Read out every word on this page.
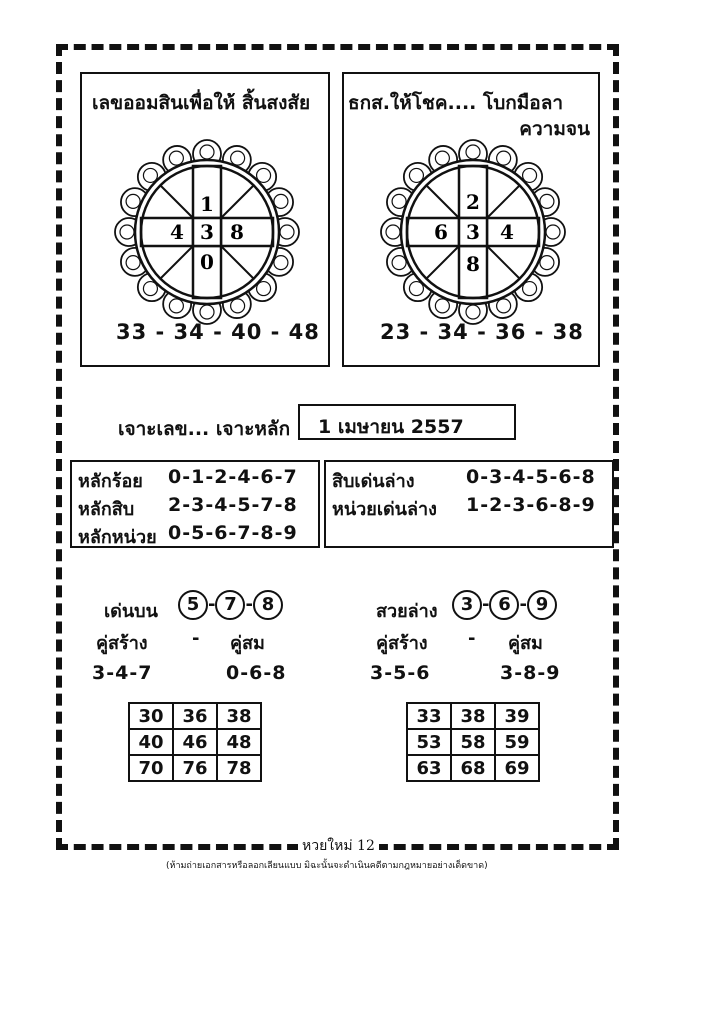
เลขออมสินเพื่อให้ สิ้นสงสัย
1
4 3 8
0
33 - 34 - 40 - 48
ธกส.ให้โชค.... โบกมือลา
ความจน
2
6 3 4
8
23 - 34 - 36 - 38
เจาะเลข... เจาะหลัก 1 เมษายน 2557
หลักร้อย 0-1-2-4-6-7
หลักสิบ 2-3-4-5-7-8
หลักหน่วย 0-5-6-7-8-9
สิบเด่นล่าง	0-3-4-5-6-8
หน่วยเด่นล่าง 1-2-3-6-8-9
เด่นบน	5 - 7 - 8
คู่สร้าง - คู่สม
3-4-7	0-6-8
30	36	38
40	46	48
70	76	78
สวยล่าง	3 - 6 - 9
คู่สร้าง - คู่สม
3-5-6	3-8-9
33	38	39
53	58	59
63	68	69
หวยใหม่ 12
(ห้ามถ่ายเอกสารหรือลอกเลียนแบบ มิฉะนั้นจะดำเนินคดีตามกฎหมายอย่างเด็ดขาด)
